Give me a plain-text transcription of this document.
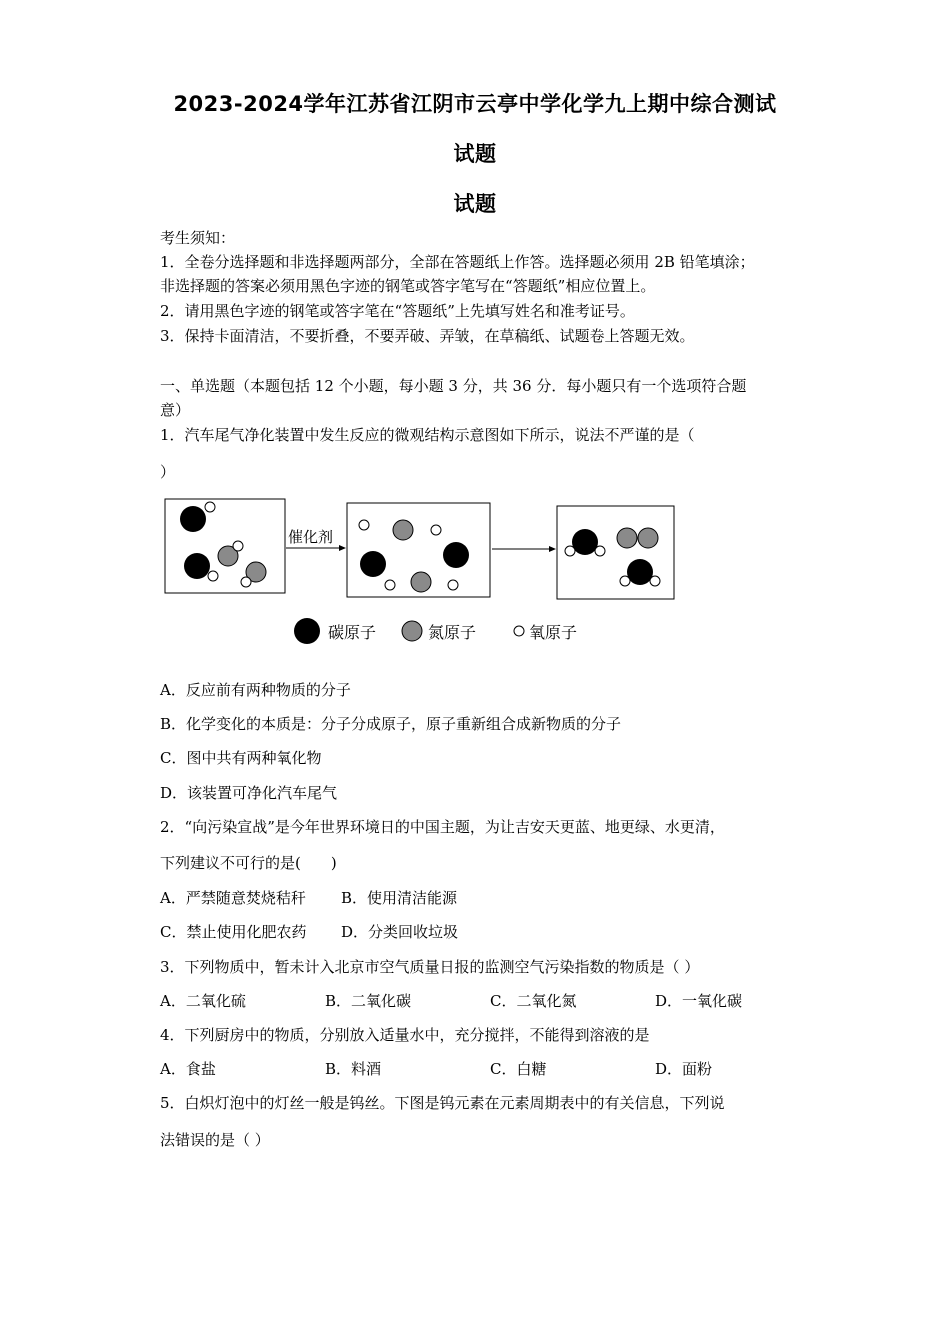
2023-2024学年江苏省江阴市云亭中学化学九上期中综合测试
试题
试题
考生须知：
1．全卷分选择题和非选择题两部分，全部在答题纸上作答。选择题必须用 2B 铅笔填涂；
非选择题的答案必须用黑色字迹的钢笔或答字笔写在“答题纸”相应位置上。
2．请用黑色字迹的钢笔或答字笔在“答题纸”上先填写姓名和准考证号。
3．保持卡面清洁，不要折叠，不要弄破、弄皱，在草稿纸、试题卷上答题无效。
一、单选题（本题包括 12 个小题，每小题 3 分，共 36 分．每小题只有一个选项符合题
意）
1．汽车尾气净化装置中发生反应的微观结构示意图如下所示，说法不严谨的是（
）
催化剂
碳原子	氮原子	氧原子
A．反应前有两种物质的分子
B．化学变化的本质是：分子分成原子，原子重新组合成新物质的分子
C．图中共有两种氧化物
D．该装置可净化汽车尾气
2．“向污染宣战”是今年世界环境日的中国主题，为让吉安天更蓝、地更绿、水更清，
下列建议不可行的是(　　)
A．严禁随意焚烧秸秆 B．使用清洁能源
C．禁止使用化肥农药 D．分类回收垃圾
3．下列物质中，暂未计入北京市空气质量日报的监测空气污染指数的物质是（ ）
A．二氧化硫	B．二氧化碳	C．二氧化氮	D．一氧化碳
4．下列厨房中的物质，分别放入适量水中，充分搅拌，不能得到溶液的是
A．食盐	B．料酒	C．白糖	D．面粉
5．白炽灯泡中的灯丝一般是钨丝。下图是钨元素在元素周期表中的有关信息，下列说
法错误的是（ ）
